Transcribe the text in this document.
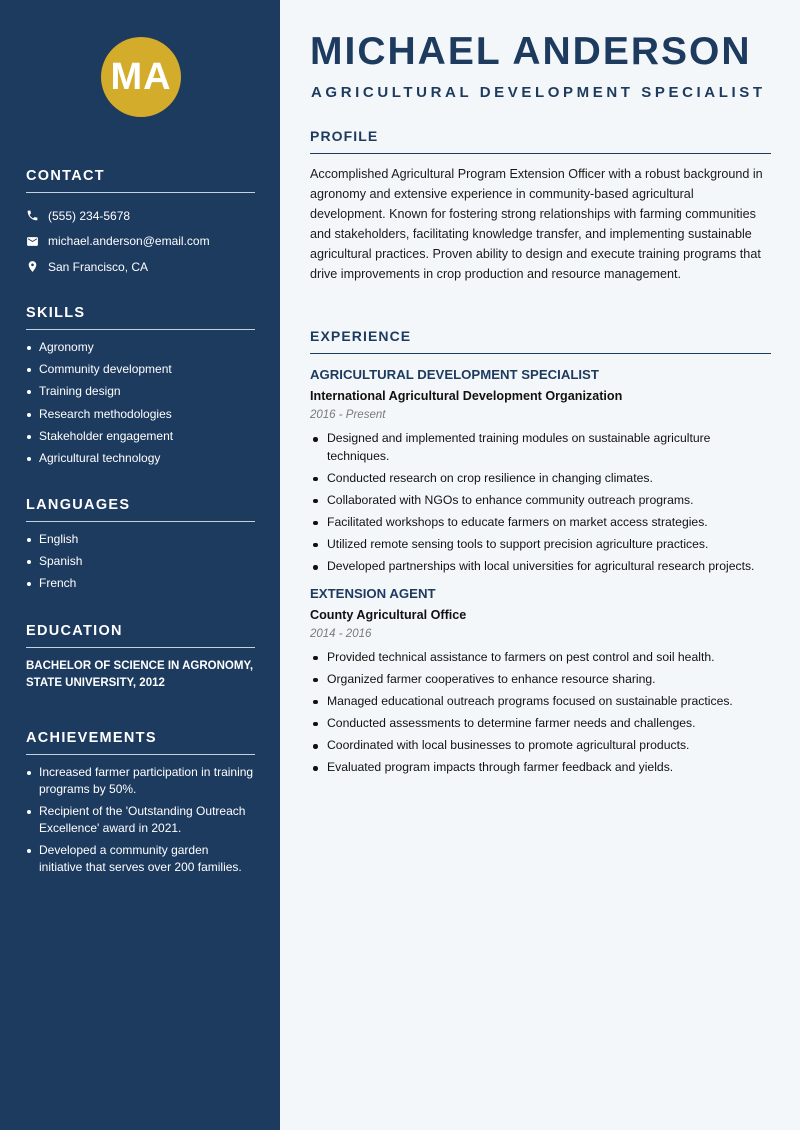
MA
CONTACT
(555) 234-5678
michael.anderson@email.com
San Francisco, CA
SKILLS
Agronomy
Community development
Training design
Research methodologies
Stakeholder engagement
Agricultural technology
LANGUAGES
English
Spanish
French
EDUCATION
BACHELOR OF SCIENCE IN AGRONOMY, STATE UNIVERSITY, 2012
ACHIEVEMENTS
Increased farmer participation in training programs by 50%.
Recipient of the 'Outstanding Outreach Excellence' award in 2021.
Developed a community garden initiative that serves over 200 families.
MICHAEL ANDERSON
AGRICULTURAL DEVELOPMENT SPECIALIST
PROFILE

Accomplished Agricultural Program Extension Officer with a robust background in agronomy and extensive experience in community-based agricultural development. Known for fostering strong relationships with farming communities and stakeholders, facilitating knowledge transfer, and implementing sustainable agricultural practices. Proven ability to design and execute training programs that drive improvements in crop production and resource management.

EXPERIENCE

AGRICULTURAL DEVELOPMENT SPECIALIST

International Agricultural Development Organization

2016 - Present

Designed and implemented training modules on sustainable agriculture techniques.
Conducted research on crop resilience in changing climates.
Collaborated with NGOs to enhance community outreach programs.
Facilitated workshops to educate farmers on market access strategies.
Utilized remote sensing tools to support precision agriculture practices.
Developed partnerships with local universities for agricultural research projects.

EXTENSION AGENT

County Agricultural Office

2014 - 2016

Provided technical assistance to farmers on pest control and soil health.
Organized farmer cooperatives to enhance resource sharing.
Managed educational outreach programs focused on sustainable practices.
Conducted assessments to determine farmer needs and challenges.
Coordinated with local businesses to promote agricultural products.
Evaluated program impacts through farmer feedback and yields.
